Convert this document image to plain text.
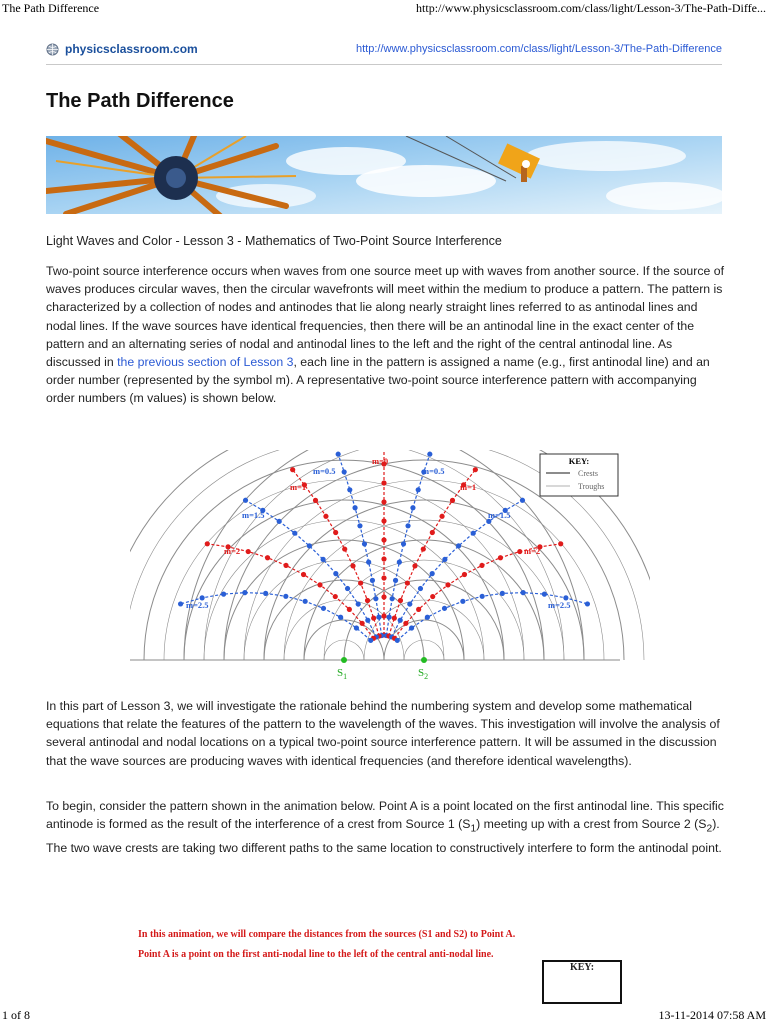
The Path Difference	http://www.physicsclassroom.com/class/light/Lesson-3/The-Path-Diffe...
physicsclassroom.com	http://www.physicsclassroom.com/class/light/Lesson-3/The-Path-Difference
The Path Difference
Light Waves and Color - Lesson 3 - Mathematics of Two-Point Source Interference

Two-point source interference occurs when waves from one source meet up with waves from another source. If the source of waves produces circular waves, then the circular wavefronts will meet within the medium to produce a pattern. The pattern is characterized by a collection of nodes and antinodes that lie along nearly straight lines referred to as antinodal lines and nodal lines. If the wave sources have identical frequencies, then there will be an antinodal line in the exact center of the pattern and an alternating series of nodal and antinodal lines to the left and the right of the central antinodal line. As discussed in the previous section of Lesson 3, each line in the pattern is assigned a name (e.g., first antinodal line) and an order number (represented by the symbol m). A representative two-point source interference pattern with accompanying order numbers (m values) is shown below.

$S_1$	$S_2$
m=0
m=0.5	m=0.5
m=1	m=1
m=1.5	m=1.5
m=2	m=2
m=2.5	m=2.5
KEY:
Crests
Troughs

In this part of Lesson 3, we will investigate the rationale behind the numbering system and develop some mathematical equations that relate the features of the pattern to the wavelength of the waves. This investigation will involve the analysis of several antinodal and nodal locations on a typical two-point source interference pattern. It will be assumed in the discussion that the wave sources are producing waves with identical frequencies (and therefore identical wavelengths).

To begin, consider the pattern shown in the animation below. Point A is a point located on the first antinodal line. This specific antinode is formed as the result of the interference of a crest from Source 1 $(S_1)$ meeting up with a crest from Source 2 $(S_2)$. The two wave crests are taking two different paths to the same location to constructively interfere to form the antinodal point.

In this animation, we will compare the distances from the sources (S1 and S2) to Point A.
Point A is a point on the first anti-nodal line to the left of the central anti-nodal line.
KEY:
1 of 8	13-11-2014 07:58 AM
